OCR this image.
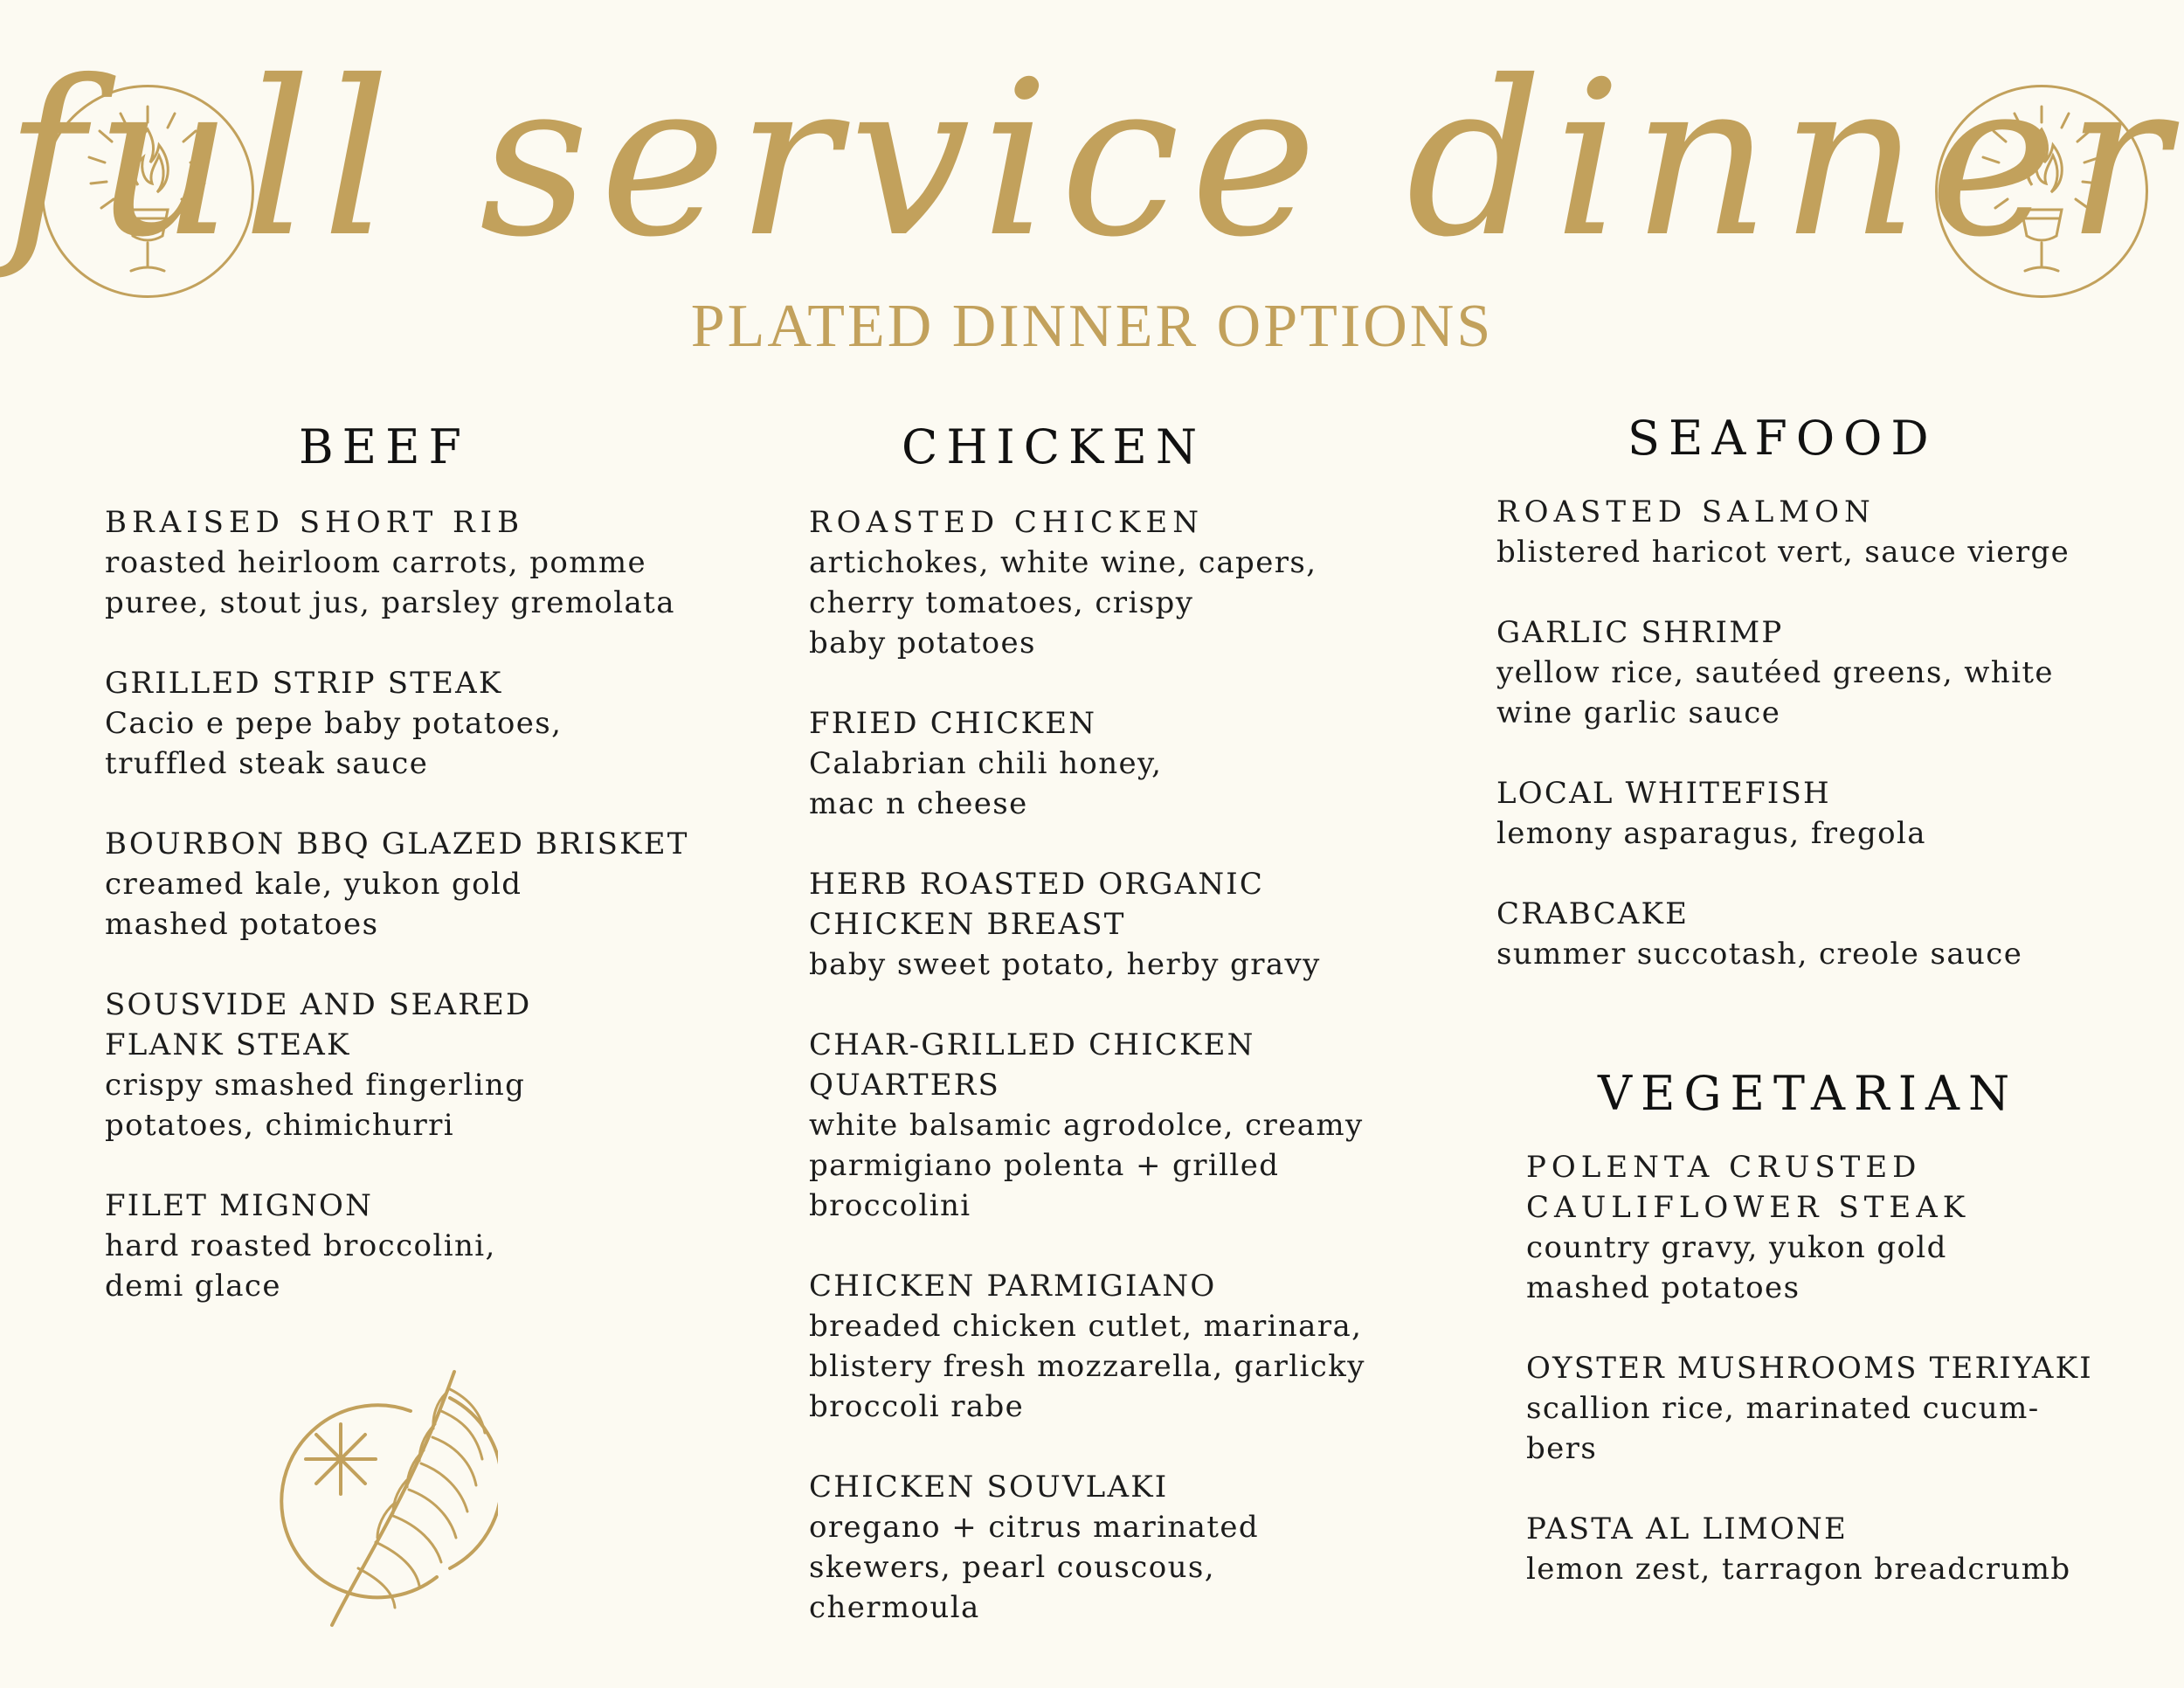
full service dinner
PLATED DINNER OPTIONS
BEEF
BRAISED SHORT RIB
roasted heirloom carrots, pomme
puree, stout jus, parsley gremolata
GRILLED STRIP STEAK
Cacio e pepe baby potatoes,
truffled steak sauce
BOURBON BBQ GLAZED BRISKET
creamed kale, yukon gold
mashed potatoes
SOUSVIDE AND SEARED
FLANK STEAK
crispy smashed fingerling
potatoes, chimichurri
FILET MIGNON
hard roasted broccolini,
demi glace
CHICKEN
ROASTED CHICKEN
artichokes, white wine, capers,
cherry tomatoes, crispy
baby potatoes
FRIED CHICKEN
Calabrian chili honey,
mac n cheese
HERB ROASTED ORGANIC
CHICKEN BREAST
baby sweet potato, herby gravy
CHAR-GRILLED CHICKEN
QUARTERS
white balsamic agrodolce, creamy
parmigiano polenta + grilled
broccolini
CHICKEN PARMIGIANO
breaded chicken cutlet, marinara,
blistery fresh mozzarella, garlicky
broccoli rabe
CHICKEN SOUVLAKI
oregano + citrus marinated
skewers, pearl couscous,
chermoula
SEAFOOD
ROASTED SALMON
blistered haricot vert, sauce vierge
GARLIC SHRIMP
yellow rice, sautéed greens, white
wine garlic sauce
LOCAL WHITEFISH
lemony asparagus, fregola
CRABCAKE
summer succotash, creole sauce
VEGETARIAN
POLENTA CRUSTED
CAULIFLOWER STEAK
country gravy, yukon gold
mashed potatoes
OYSTER MUSHROOMS TERIYAKI
scallion rice, marinated cucum-
bers
PASTA AL LIMONE
lemon zest, tarragon breadcrumb
